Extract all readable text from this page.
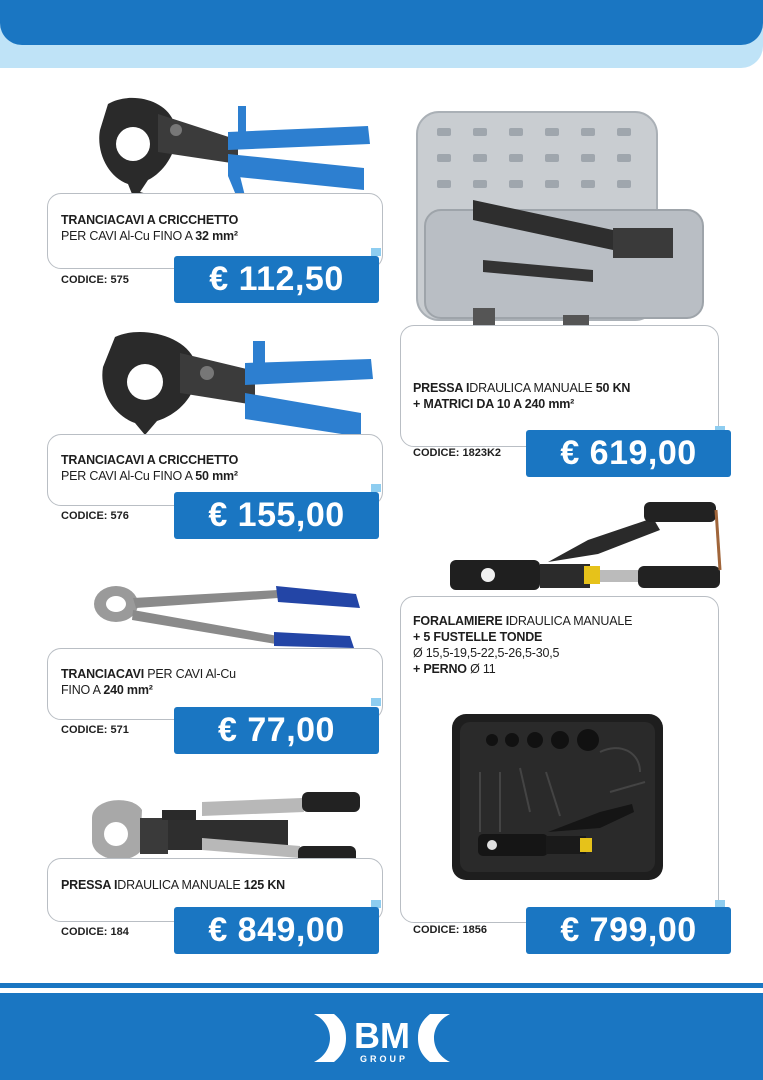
TRANCIACAVI A CRICCHETTO
PER CAVI Al-Cu FINO A 32 mm²
CODICE: 575	€ 112,50
TRANCIACAVI A CRICCHETTO
PER CAVI Al-Cu FINO A 50 mm²
CODICE: 576	€ 155,00
TRANCIACAVI PER CAVI Al-Cu
FINO A 240 mm²
CODICE: 571	€ 77,00
PRESSA IDRAULICA MANUALE 125 KN
CODICE: 184	€ 849,00
PRESSA IDRAULICA MANUALE 50 KN
+ MATRICI DA 10 A 240 mm²
CODICE: 1823K2	€ 619,00
FORALAMIERE IDRAULICA MANUALE
+ 5 FUSTELLE TONDE
Ø 15,5-19,5-22,5-26,5-30,5
+ PERNO Ø 11
CODICE: 1856	€ 799,00
BM
GROUP
